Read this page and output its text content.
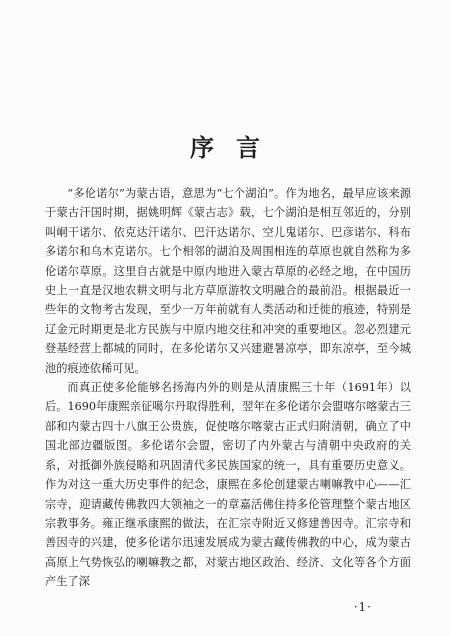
序言

“多伦诺尔”为蒙古语，意思为“七个湖泊”。作为地名，最早应该来源于蒙古汗国时期，据姚明辉《蒙古志》载，七个湖泊是相互邻近的，分别叫峒干诺尔、依克达汗诺尔、巴汗达诺尔、空儿鬼诺尔、巴彦诺尔、科布多诺尔和乌木克诺尔。七个相邻的湖泊及周围相连的草原也就自然称为多伦诺尔草原。这里自古就是中原内地进入蒙古草原的必经之地，在中国历史上一直是汉地农耕文明与北方草原游牧文明融合的最前沿。根据最近一些年的文物考古发现，至少一万年前就有人类活动和迁徙的痕迹，特别是辽金元时期更是北方民族与中原内地交往和冲突的重要地区。忽必烈建元登基经营上都城的同时，在多伦诺尔又兴建避暑凉亭，即东凉亭，至今城池的痕迹依稀可见。

而真正使多伦能够名扬海内外的则是从清康熙三十年（1691年）以后。1690年康熙亲征噶尔丹取得胜利，翌年在多伦诺尔会盟喀尔喀蒙古三部和内蒙古四十八旗王公贵族，促使喀尔喀蒙古正式归附清朝，确立了中国北部边疆版图。多伦诺尔会盟，密切了内外蒙古与清朝中央政府的关系，对抵御外族侵略和巩固清代多民族国家的统一，具有重要历史意义。作为对这一重大历史事件的纪念，康熙在多伦创建蒙古喇嘛教中心——汇宗寺，迎请藏传佛教四大领袖之一的章嘉活佛住持多伦管理整个蒙古地区宗教事务。雍正继承康熙的做法，在汇宗寺附近又修建善因寺。汇宗寺和善因寺的兴建，使多伦诺尔迅速发展成为蒙古藏传佛教的中心，成为蒙古高原上气势恢弘的喇嘛教之都，对蒙古地区政治、经济、文化等各个方面产生了深

·1·
